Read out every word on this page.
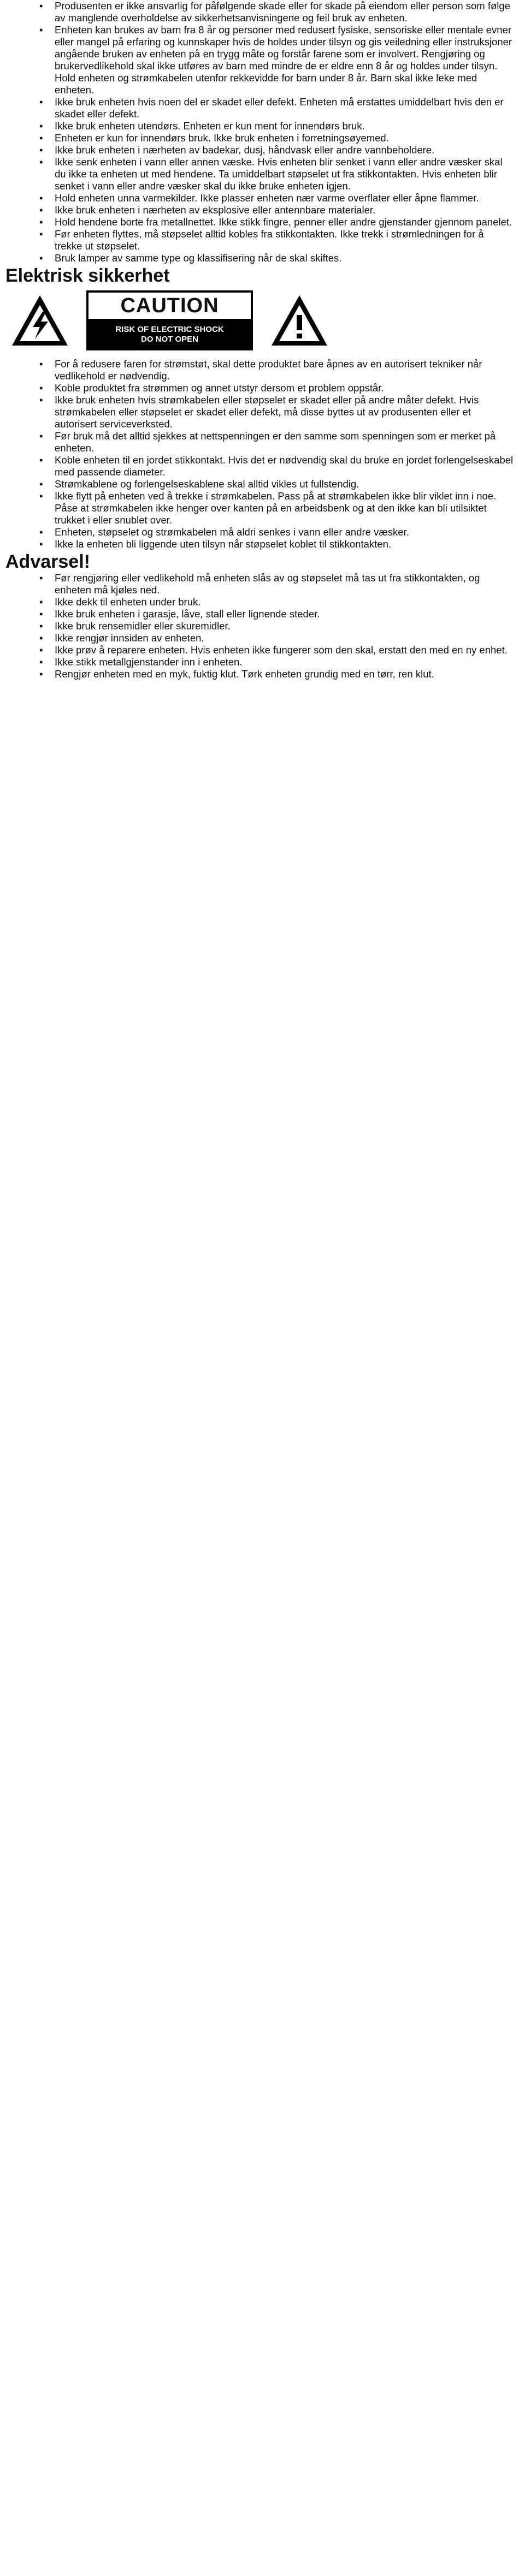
• Produsenten er ikke ansvarlig for påfølgende skade eller for skade på eiendom eller person som følge av manglende overholdelse av sikkerhetsanvisningene og feil bruk av enheten.
• Enheten kan brukes av barn fra 8 år og personer med redusert fysiske, sensoriske eller mentale evner eller mangel på erfaring og kunnskaper hvis de holdes under tilsyn og gis veiledning eller instruksjoner angående bruken av enheten på en trygg måte og forstår farene som er involvert. Rengjøring og brukervedlikehold skal ikke utføres av barn med mindre de er eldre enn 8 år og holdes under tilsyn. Hold enheten og strømkabelen utenfor rekkevidde for barn under 8 år. Barn skal ikke leke med enheten.
• Ikke bruk enheten hvis noen del er skadet eller defekt. Enheten må erstattes umiddelbart hvis den er skadet eller defekt.
• Ikke bruk enheten utendørs. Enheten er kun ment for innendørs bruk.
• Enheten er kun for innendørs bruk. Ikke bruk enheten i forretningsøyemed.
• Ikke bruk enheten i nærheten av badekar, dusj, håndvask eller andre vannbeholdere.
• Ikke senk enheten i vann eller annen væske. Hvis enheten blir senket i vann eller andre væsker skal du ikke ta enheten ut med hendene. Ta umiddelbart støpselet ut fra stikkontakten. Hvis enheten blir senket i vann eller andre væsker skal du ikke bruke enheten igjen.
• Hold enheten unna varmekilder. Ikke plasser enheten nær varme overflater eller åpne flammer.
• Ikke bruk enheten i nærheten av eksplosive eller antennbare materialer.
• Hold hendene borte fra metallnettet. Ikke stikk fingre, penner eller andre gjenstander gjennom panelet.
• Før enheten flyttes, må støpselet alltid kobles fra stikkontakten. Ikke trekk i strømledningen for å trekke ut støpselet.
• Bruk lamper av samme type og klassifisering når de skal skiftes.
Elektrisk sikkerhet
CAUTION
RISK OF ELECTRIC SHOCK
DO NOT OPEN
• For å redusere faren for strømstøt, skal dette produktet bare åpnes av en autorisert tekniker når vedlikehold er nødvendig.
• Koble produktet fra strømmen og annet utstyr dersom et problem oppstår.
• Ikke bruk enheten hvis strømkabelen eller støpselet er skadet eller på andre måter defekt. Hvis strømkabelen eller støpselet er skadet eller defekt, må disse byttes ut av produsenten eller et autorisert serviceverksted.
• Før bruk må det alltid sjekkes at nettspenningen er den samme som spenningen som er merket på enheten.
• Koble enheten til en jordet stikkontakt. Hvis det er nødvendig skal du bruke en jordet forlengelseskabel med passende diameter.
• Strømkablene og forlengelseskablene skal alltid vikles ut fullstendig.
• Ikke flytt på enheten ved å trekke i strømkabelen. Pass på at strømkabelen ikke blir viklet inn i noe. Påse at strømkabelen ikke henger over kanten på en arbeidsbenk og at den ikke kan bli utilsiktet trukket i eller snublet over.
• Enheten, støpselet og strømkabelen må aldri senkes i vann eller andre væsker.
• Ikke la enheten bli liggende uten tilsyn når støpselet koblet til stikkontakten.
Advarsel!
• Før rengjøring eller vedlikehold må enheten slås av og støpselet må tas ut fra stikkontakten, og enheten må kjøles ned.
• Ikke dekk til enheten under bruk.
• Ikke bruk enheten i garasje, låve, stall eller lignende steder.
• Ikke bruk rensemidler eller skuremidler.
• Ikke rengjør innsiden av enheten.
• Ikke prøv å reparere enheten. Hvis enheten ikke fungerer som den skal, erstatt den med en ny enhet.
• Ikke stikk metallgjenstander inn i enheten.
• Rengjør enheten med en myk, fuktig klut. Tørk enheten grundig med en tørr, ren klut.
